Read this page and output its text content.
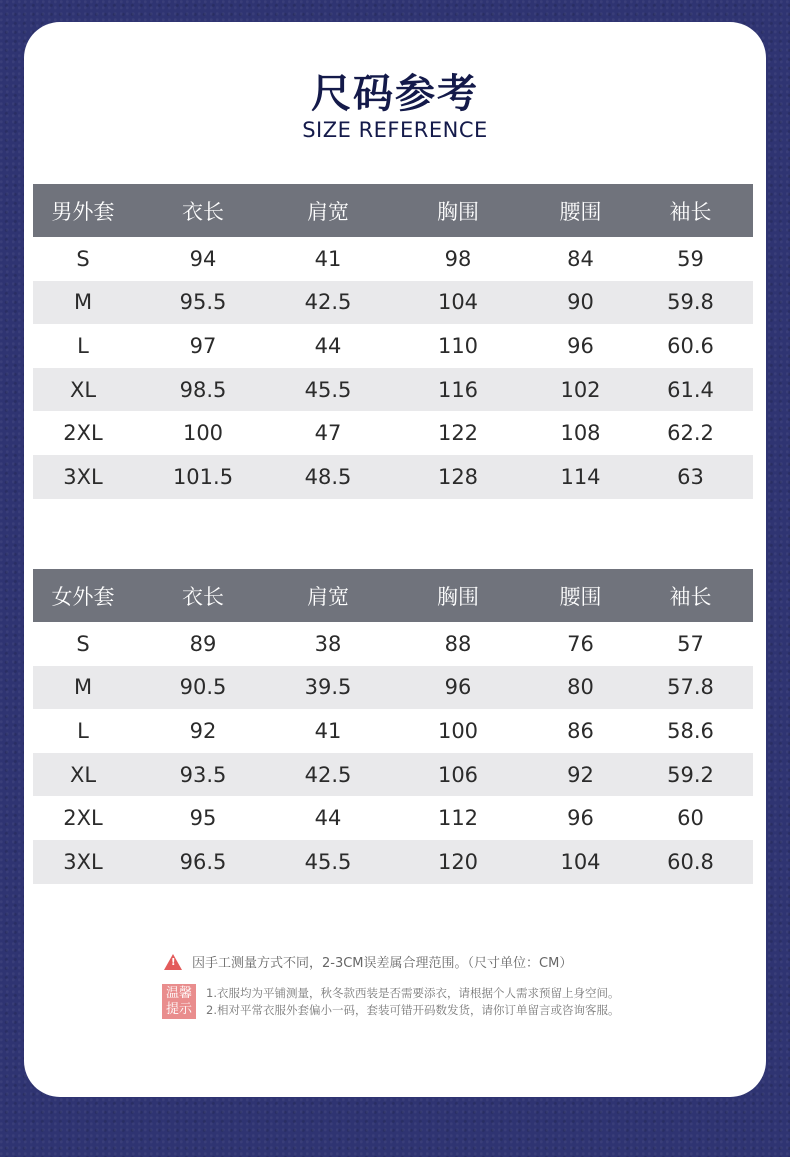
尺码参考
SIZE REFERENCE
男外套	衣长	肩宽	胸围	腰围	袖长
S	94	41	98	84	59
M	95.5	42.5	104	90	59.8
L	97	44	110	96	60.6
XL	98.5	45.5	116	102	61.4
2XL	100	47	122	108	62.2
3XL	101.5	48.5	128	114	63
女外套	衣长	肩宽	胸围	腰围	袖长
S	89	38	88	76	57
M	90.5	39.5	96	80	57.8
L	92	41	100	86	58.6
XL	93.5	42.5	106	92	59.2
2XL	95	44	112	96	60
3XL	96.5	45.5	120	104	60.8
! 因手工测量方式不同，2-3CM误差属合理范围。（尺寸单位：CM）
温馨
提示
1.衣服均为平铺测量，秋冬款西装是否需要添衣，请根据个人需求预留上身空间。
2.相对平常衣服外套偏小一码，套装可错开码数发货，请你订单留言或咨询客服。
